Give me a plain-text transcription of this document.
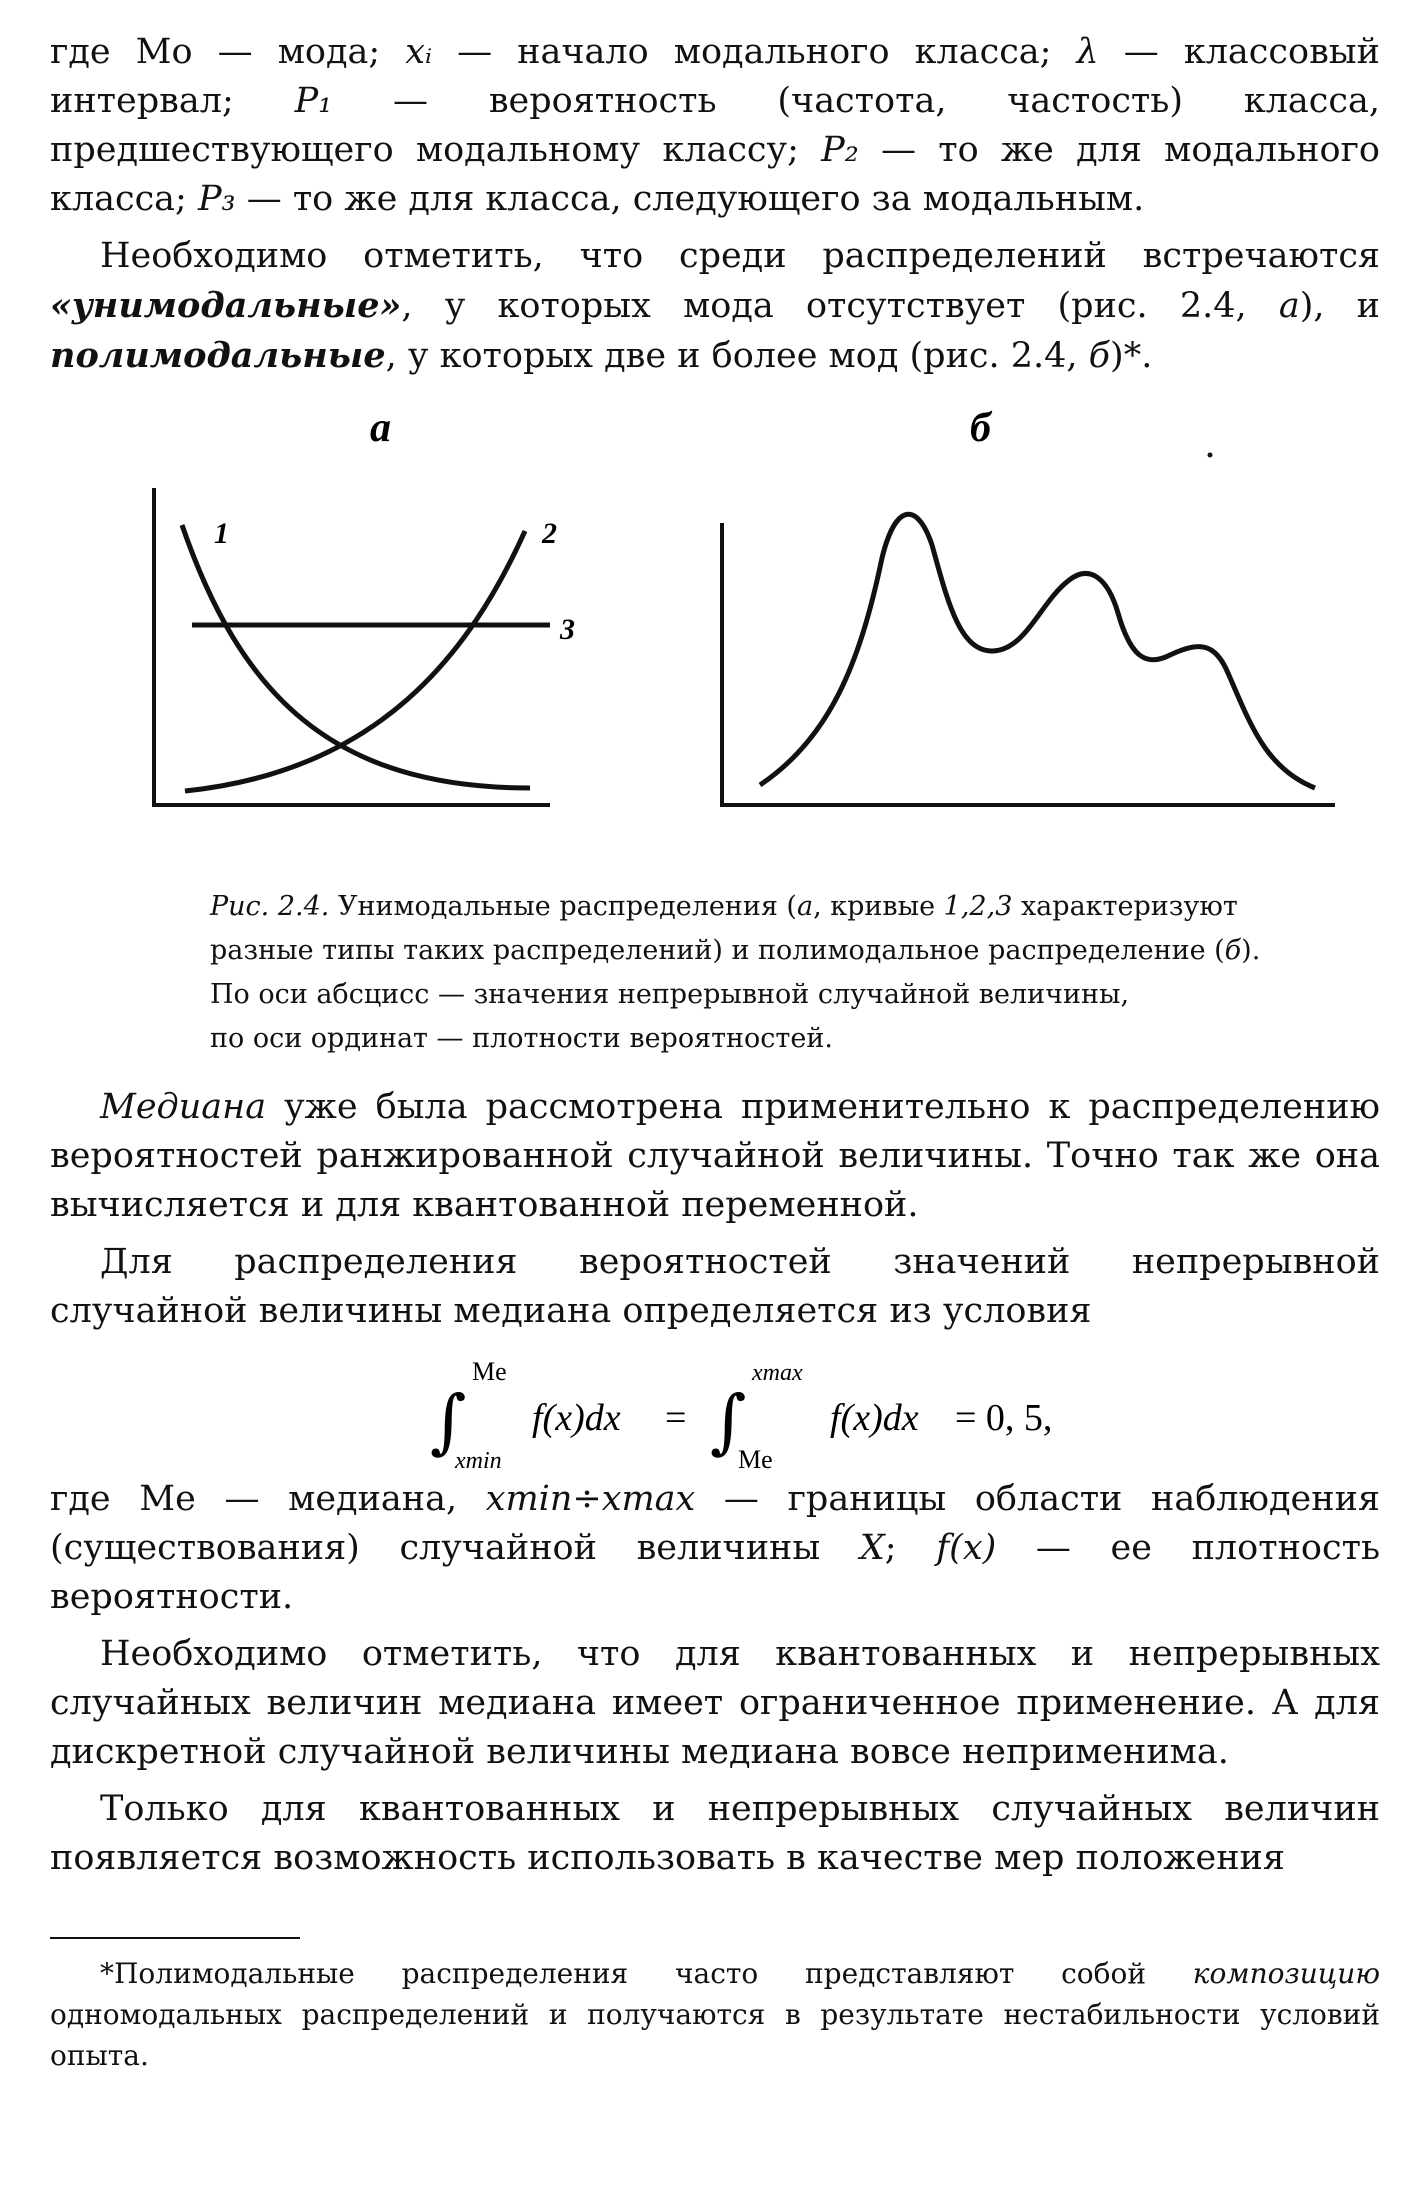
где Мо — мода; xᵢ — начало модального класса; λ — классовый интервал; P₁ — вероятность (частота, частость) класса, предшествующего модальному классу; P₂ — то же для модального класса; P₃ — то же для класса, следующего за модальным.

Необходимо отметить, что среди распределений встречаются «унимодальные», у которых мода отсутствует (рис. 2.4, а), и полимодальные, у которых две и более мод (рис. 2.4, б)*.

а	б
1	2
3
Рис. 2.4. Унимодальные распределения (а, кривые 1,2,3 характеризуют разные типы таких распределений) и полимодальное распределение (б).
По оси абсцисс — значения непрерывной случайной величины,
по оси ординат — плотности вероятностей.

Медиана уже была рассмотрена применительно к распределению вероятностей ранжированной случайной величины. Точно так же она вычисляется и для квантованной переменной.

Для распределения вероятностей значений непрерывной случайной величины медиана определяется из условия

∫
Me
xmin
f(x)dx = ∫
xmax
Me
f(x)dx = 0, 5,

где Me — медиана, xmin÷xmax — границы области наблюдения (существования) случайной величины X; f(x) — ее плотность вероятности.

Необходимо отметить, что для квантованных и непрерывных случайных величин медиана имеет ограниченное применение. А для дискретной случайной величины медиана вовсе неприменима.

Только для квантованных и непрерывных случайных величин появляется возможность использовать в качестве мер положения

*Полимодальные распределения часто представляют собой композицию одномодальных распределений и получаются в результате нестабильности условий опыта.
